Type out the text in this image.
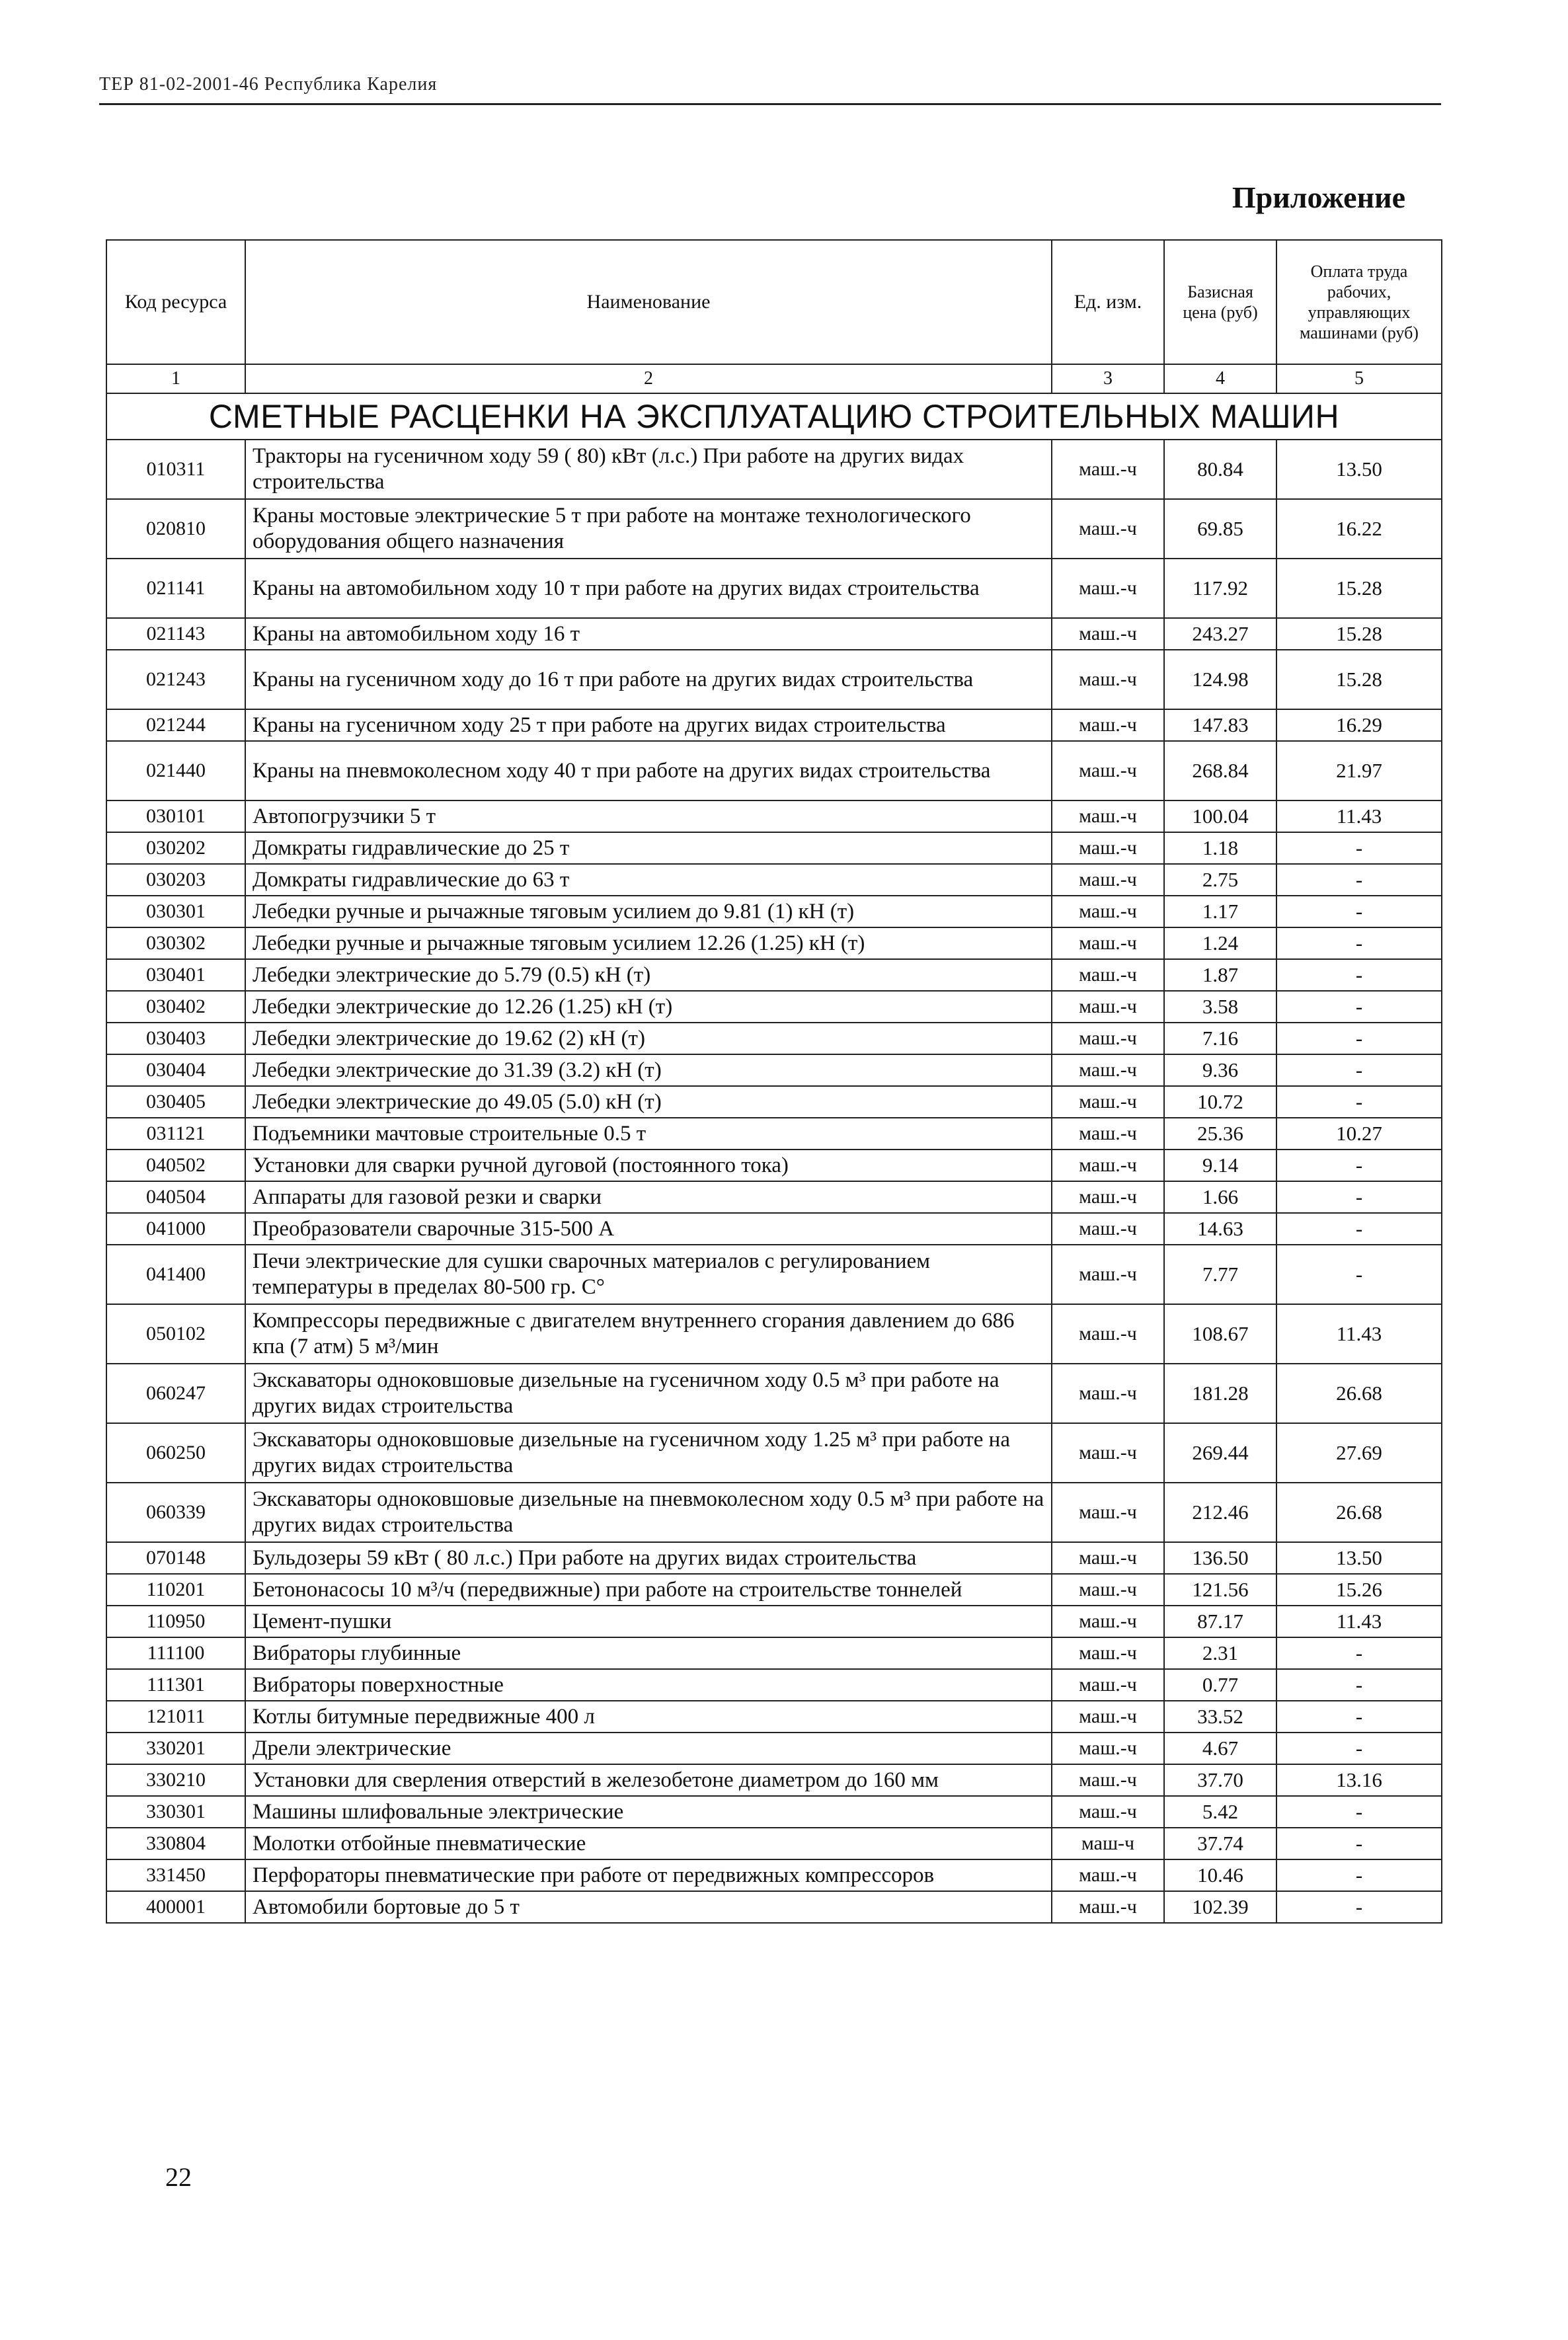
ТЕР 81-02-2001-46 Республика Карелия
Приложение
Код ресурса	Наименование	Ед. изм.	Базисная цена (руб)	Оплата труда рабочих, управляющих машинами (руб)
1	2	3	4	5
СМЕТНЫЕ РАСЦЕНКИ НА ЭКСПЛУАТАЦИЮ СТРОИТЕЛЬНЫХ МАШИН				
010311	Тракторы на гусеничном ходу 59 ( 80) кВт (л.с.) При работе на других видах строительства	маш.-ч	80.84	13.50
020810	Краны мостовые электрические 5 т при работе на монтаже технологического оборудования общего назначения	маш.-ч	69.85	16.22
021141	Краны на автомобильном ходу 10 т при работе на других видах строительства	маш.-ч	117.92	15.28
021143	Краны на автомобильном ходу 16 т	маш.-ч	243.27	15.28
021243	Краны на гусеничном ходу до 16 т при работе на других видах строительства	маш.-ч	124.98	15.28
021244	Краны на гусеничном ходу 25 т при работе на других видах строительства	маш.-ч	147.83	16.29
021440	Краны на пневмоколесном ходу 40 т при работе на других видах строительства	маш.-ч	268.84	21.97
030101	Автопогрузчики 5 т	маш.-ч	100.04	11.43
030202	Домкраты гидравлические до 25 т	маш.-ч	1.18	-
030203	Домкраты гидравлические до 63 т	маш.-ч	2.75	-
030301	Лебедки ручные и рычажные тяговым усилием до 9.81 (1) кН (т)	маш.-ч	1.17	-
030302	Лебедки ручные и рычажные тяговым усилием 12.26 (1.25) кН (т)	маш.-ч	1.24	-
030401	Лебедки электрические до 5.79 (0.5) кН (т)	маш.-ч	1.87	-
030402	Лебедки электрические до 12.26 (1.25) кН (т)	маш.-ч	3.58	-
030403	Лебедки электрические до 19.62 (2) кН (т)	маш.-ч	7.16	-
030404	Лебедки электрические до 31.39 (3.2) кН (т)	маш.-ч	9.36	-
030405	Лебедки электрические до 49.05 (5.0) кН (т)	маш.-ч	10.72	-
031121	Подъемники мачтовые строительные 0.5 т	маш.-ч	25.36	10.27
040502	Установки для сварки ручной дуговой (постоянного тока)	маш.-ч	9.14	-
040504	Аппараты для газовой резки и сварки	маш.-ч	1.66	-
041000	Преобразователи сварочные 315-500 А	маш.-ч	14.63	-
041400	Печи электрические для сушки сварочных материалов с регулированием температуры в пределах 80-500 гр. С°	маш.-ч	7.77	-
050102	Компрессоры передвижные с двигателем внутреннего сгорания давлением до 686 кпа (7 атм) 5 м³/мин	маш.-ч	108.67	11.43
060247	Экскаваторы одноковшовые дизельные на гусеничном ходу 0.5 м³ при работе на других видах строительства	маш.-ч	181.28	26.68
060250	Экскаваторы одноковшовые дизельные на гусеничном ходу 1.25 м³ при работе на других видах строительства	маш.-ч	269.44	27.69
060339	Экскаваторы одноковшовые дизельные на пневмоколесном ходу 0.5 м³ при работе на других видах строительства	маш.-ч	212.46	26.68
070148	Бульдозеры 59 кВт ( 80 л.с.) При работе на других видах строительства	маш.-ч	136.50	13.50
110201	Бетононасосы 10 м³/ч (передвижные) при работе на строительстве тоннелей	маш.-ч	121.56	15.26
110950	Цемент-пушки	маш.-ч	87.17	11.43
111100	Вибраторы глубинные	маш.-ч	2.31	-
111301	Вибраторы поверхностные	маш.-ч	0.77	-
121011	Котлы битумные передвижные 400 л	маш.-ч	33.52	-
330201	Дрели электрические	маш.-ч	4.67	-
330210	Установки для сверления отверстий в железобетоне диаметром до 160 мм	маш.-ч	37.70	13.16
330301	Машины шлифовальные электрические	маш.-ч	5.42	-
330804	Молотки отбойные пневматические	маш-ч	37.74	-
331450	Перфораторы пневматические при работе от передвижных компрессоров	маш.-ч	10.46	-
400001	Автомобили бортовые до 5 т	маш.-ч	102.39	-
22
